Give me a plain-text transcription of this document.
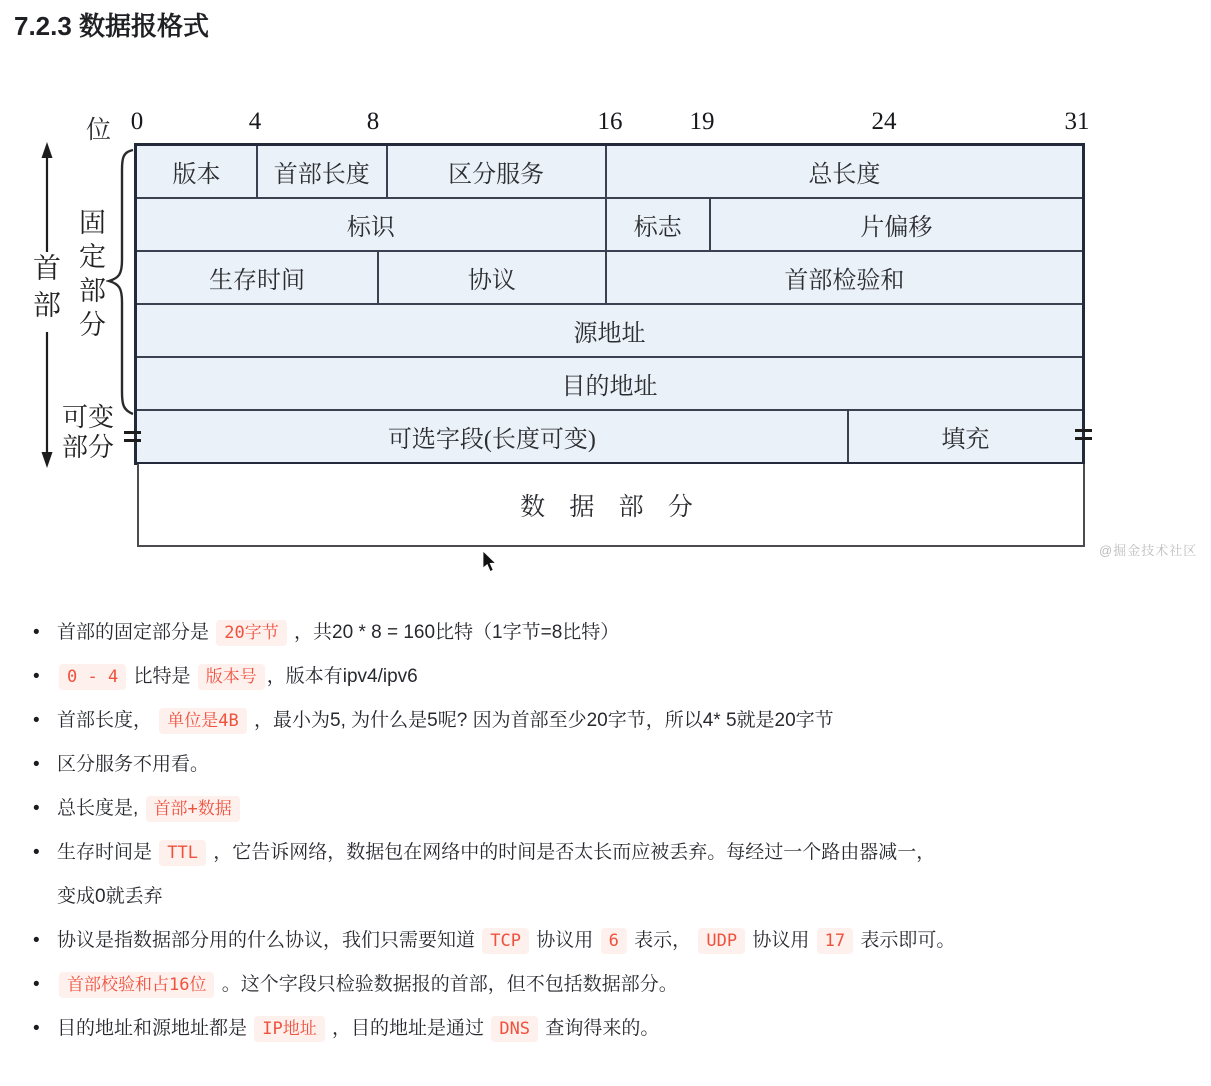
7.2.3 数据报格式
位 0	4	8	16	19	24	31
首部 固定部分
可变部分
版本	首部长度	区分服务	总长度
标识	标志	片偏移
生存时间	协议	首部检验和
源地址
目的地址
可选字段(长度可变)	填充
数 据 部 分
@掘金技术社区
• 首部的固定部分是 20字节 ，共20 * 8 = 160比特（1字节=8比特）
• 0 - 4 比特是 版本号 ，版本有ipv4/ipv6
• 首部长度， 单位是4B ，最小为5, 为什么是5呢? 因为首部至少20字节，所以4* 5就是20字节
• 区分服务不用看。
• 总长度是, 首部+数据
• 生存时间是 TTL ，它告诉网络，数据包在网络中的时间是否太长而应被丢弃。每经过一个路由器减一，
变成0就丢弃
• 协议是指数据部分用的什么协议，我们只需要知道 TCP 协议用 6 表示， UDP 协议用 17 表示即可。
• 首部校验和占16位 。这个字段只检验数据报的首部，但不包括数据部分。
• 目的地址和源地址都是 IP地址 ，目的地址是通过 DNS 查询得来的。
